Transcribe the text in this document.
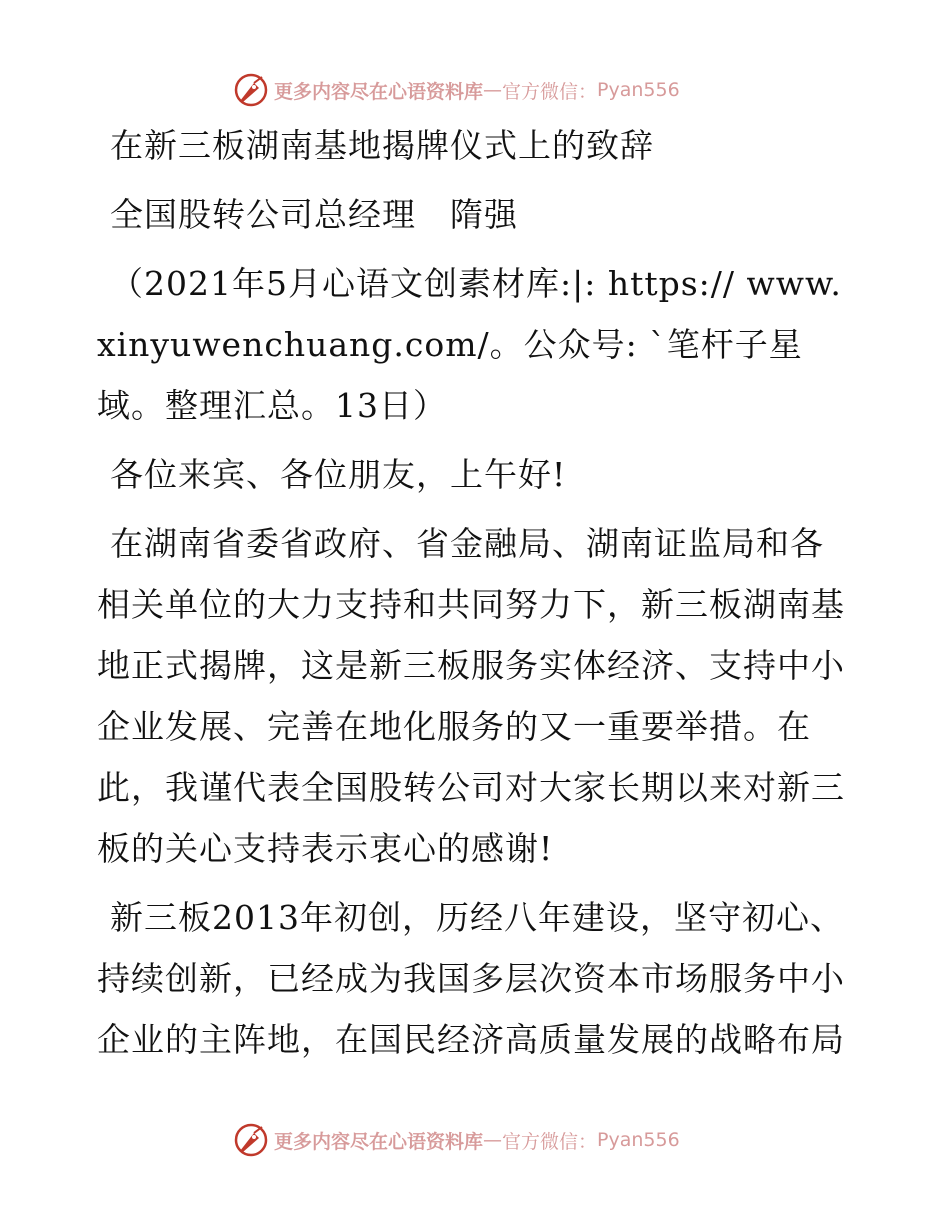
更多内容尽在心语资料库 — 官方微信： Pyan556

在新三板湖南基地揭牌仪式上的致辞

全国股转公司总经理　隋强

（2021年5月心语文创素材库:|: https:// www.xinyuwenchuang.com/。公众号: `笔杆子星域。整理汇总。13日）

各位来宾、各位朋友，上午好!

在湖南省委省政府、省金融局、湖南证监局和各相关单位的大力支持和共同努力下，新三板湖南基地正式揭牌，这是新三板服务实体经济、支持中小企业发展、完善在地化服务的又一重要举措。在此，我谨代表全国股转公司对大家长期以来对新三板的关心支持表示衷心的感谢!

新三板2013年初创，历经八年建设，坚守初心、持续创新，已经成为我国多层次资本市场服务中小企业的主阵地，在国民经济高质量发展的战略布局

更多内容尽在心语资料库 — 官方微信： Pyan556
